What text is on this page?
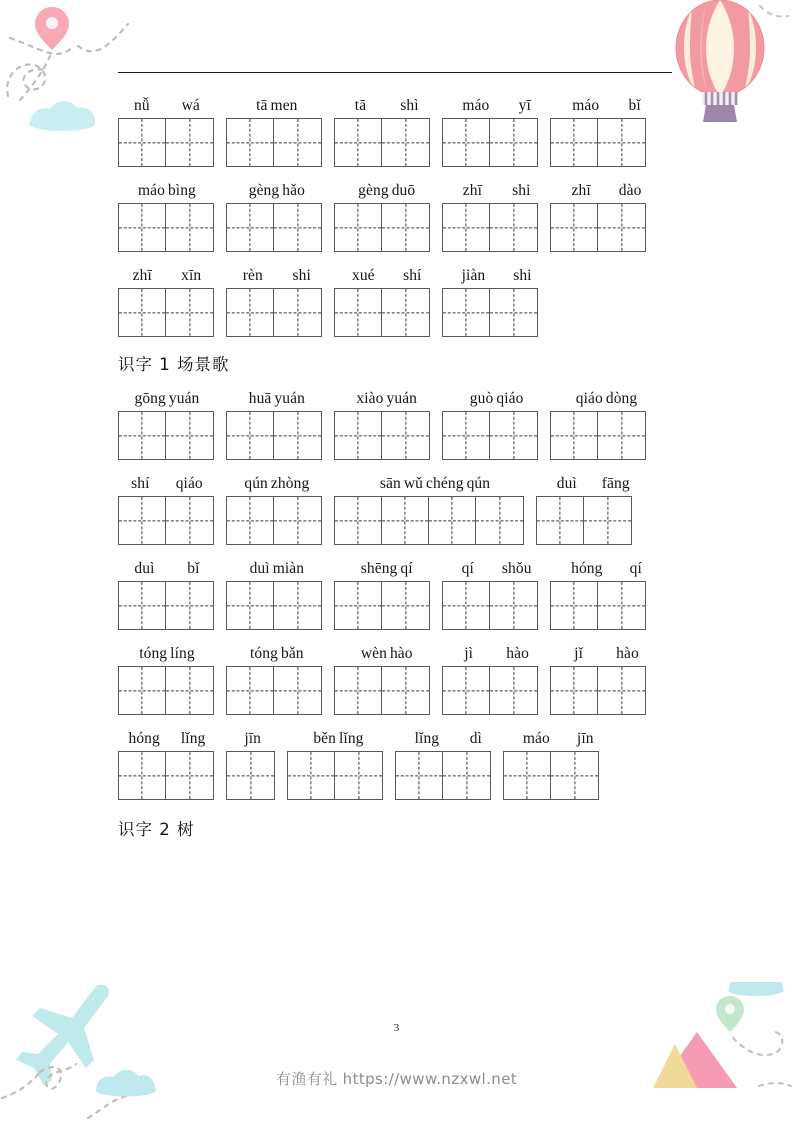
nǚ wá	tā men	tā shì	máo yī	máo bǐ
máo bìng	gèng hǎo	gèng duō	zhī shi	zhī dào
zhī xīn	rèn shi	xué shí	jiàn shi
识字 1 场景歌
gōng yuán	huā yuán	xiào yuán	guò qiáo	qiáo dòng
shí qiáo	qún zhòng	sān wǔ chéng qún	duì fāng
duì bǐ	duì miàn	shēng qí	qí shǒu	hóng qí
tóng líng	tóng bǎn	wèn hào	jì hào	jǐ hào
hóng lǐng	jīn	běn lǐng	lǐng dì	máo jīn
识字 2 树
3
有渔有礼 https://www.nzxwl.net
